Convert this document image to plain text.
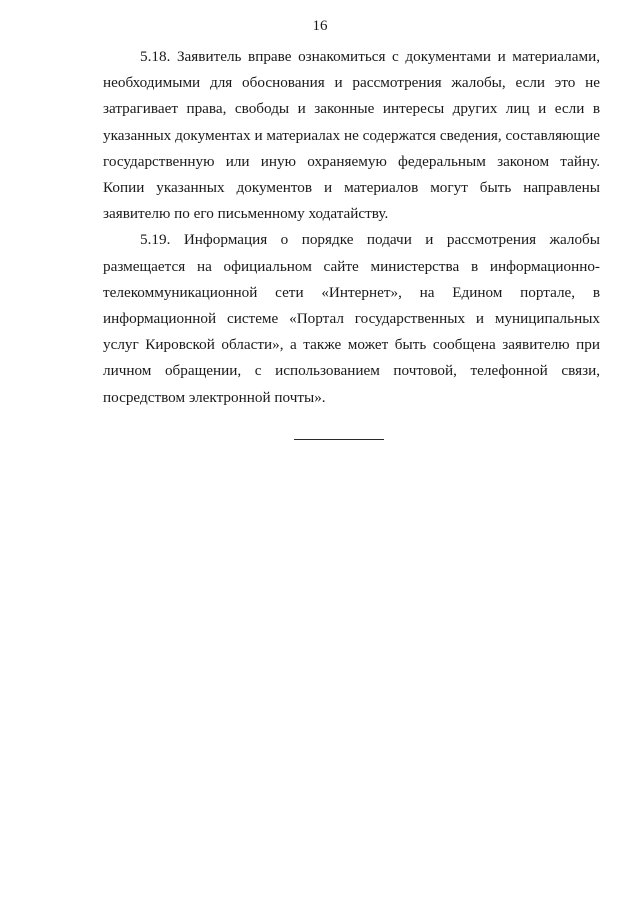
16

5.18. Заявитель вправе ознакомиться с документами и материалами, необходимыми для обоснования и рассмотрения жалобы, если это не затрагивает права, свободы и законные интересы других лиц и если в указанных документах и материалах не содержатся сведения, составляющие государственную или иную охраняемую федеральным законом тайну. Копии указанных документов и материалов могут быть направлены заявителю по его письменному ходатайству.

5.19. Информация о порядке подачи и рассмотрения жалобы размещается на официальном сайте министерства в информационно-телекоммуникационной сети «Интернет», на Едином портале, в информационной системе «Портал государственных и муниципальных услуг Кировской области», а также может быть сообщена заявителю при личном обращении, с использованием почтовой, телефонной связи, посредством электронной почты».
